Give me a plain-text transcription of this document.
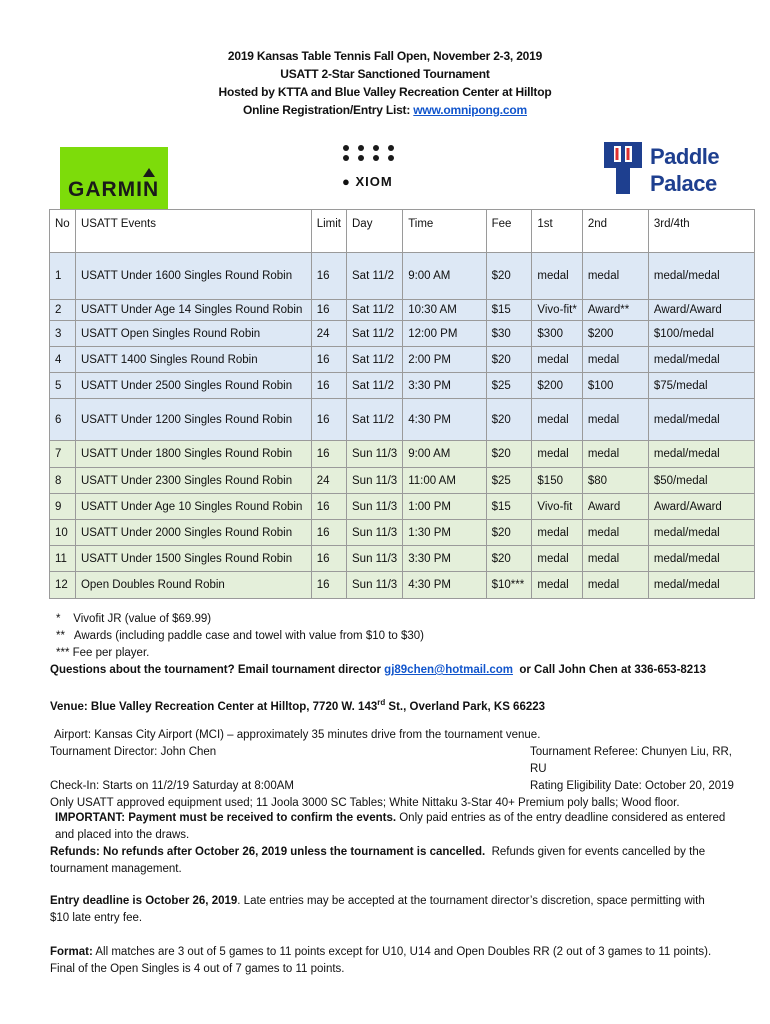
2019 Kansas Table Tennis Fall Open, November 2-3, 2019
USATT 2-Star Sanctioned Tournament
Hosted by KTTA and Blue Valley Recreation Center at Hilltop
Online Registration/Entry List: www.omnipong.com
GARMIN	● XIOM
Paddle
Palace
No	USATT Events	Limit	Day	Time	Fee	1st	2nd	3rd/4th
1	USATT Under 1600 Singles Round Robin	16	Sat 11/2	9:00 AM	$20	medal	medal	medal/medal
2	USATT Under Age 14 Singles Round Robin	16	Sat 11/2	10:30 AM	$15	Vivo-fit*	Award**	Award/Award
3	USATT Open Singles Round Robin	24	Sat 11/2	12:00 PM	$30	$300	$200	$100/medal
4	USATT 1400 Singles Round Robin	16	Sat 11/2	2:00 PM	$20	medal	medal	medal/medal
5	USATT Under 2500 Singles Round Robin	16	Sat 11/2	3:30 PM	$25	$200	$100	$75/medal
6	USATT Under 1200 Singles Round Robin	16	Sat 11/2	4:30 PM	$20	medal	medal	medal/medal
7	USATT Under 1800 Singles Round Robin	16	Sun 11/3	9:00 AM	$20	medal	medal	medal/medal
8	USATT Under 2300 Singles Round Robin	24	Sun 11/3	11:00 AM	$25	$150	$80	$50/medal
9	USATT Under Age 10 Singles Round Robin	16	Sun 11/3	1:00 PM	$15	Vivo-fit	Award	Award/Award
10	USATT Under 2000 Singles Round Robin	16	Sun 11/3	1:30 PM	$20	medal	medal	medal/medal
11	USATT Under 1500 Singles Round Robin	16	Sun 11/3	3:30 PM	$20	medal	medal	medal/medal
12	Open Doubles Round Robin	16	Sun 11/3	4:30 PM	$10***	medal	medal	medal/medal
*    Vivofit JR (value of $69.99)
**   Awards (including paddle case and towel with value from $10 to $30)
*** Fee per player.
Questions about the tournament? Email tournament director gj89chen@hotmail.com  or Call John Chen at 336-653-8213
Venue: Blue Valley Recreation Center at Hilltop, 7720 W. 143rd St., Overland Park, KS 66223
Airport: Kansas City Airport (MCI) – approximately 35 minutes drive from the tournament venue.
Tournament Director: John Chen	Tournament Referee: Chunyen Liu, RR, RU
Check-In: Starts on 11/2/19 Saturday at 8:00AM	Rating Eligibility Date: October 20, 2019
Only USATT approved equipment used; 11 Joola 3000 SC Tables; White Nittaku 3-Star 40+ Premium poly balls; Wood floor.
IMPORTANT: Payment must be received to confirm the events. Only paid entries as of the entry deadline considered as entered
and placed into the draws.
Refunds: No refunds after October 26, 2019 unless the tournament is cancelled.  Refunds given for events cancelled by the
tournament management.
Entry deadline is October 26, 2019. Late entries may be accepted at the tournament director’s discretion, space permitting with
$10 late entry fee.
Format: All matches are 3 out of 5 games to 11 points except for U10, U14 and Open Doubles RR (2 out of 3 games to 11 points).
Final of the Open Singles is 4 out of 7 games to 11 points.
